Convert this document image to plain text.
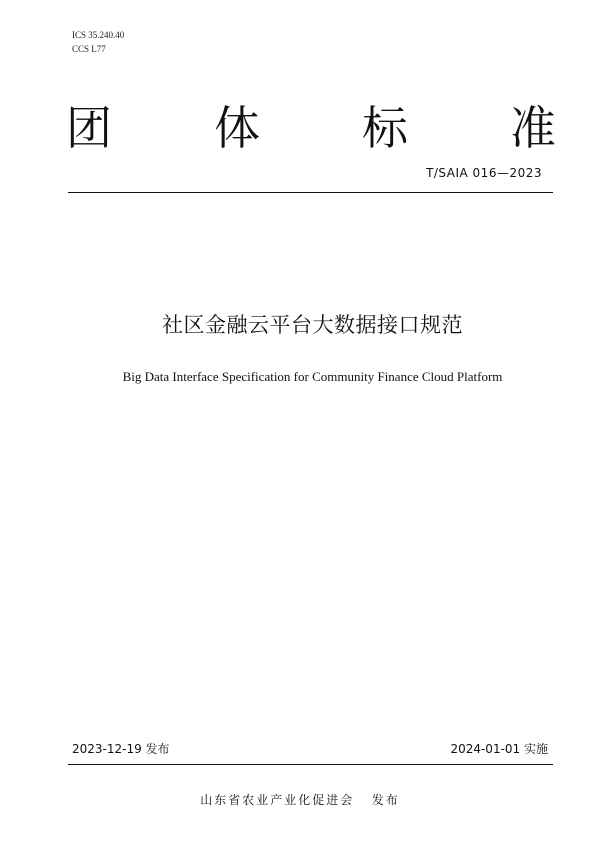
ICS 35.240.40
CCS L77
团 体 标 准
T/SAIA 016—2023
社区金融云平台大数据接口规范
Big Data Interface Specification for Community Finance Cloud Platform
2023-12-19 发布	2024-01-01 实施
山东省农业产业化促进会 发布
